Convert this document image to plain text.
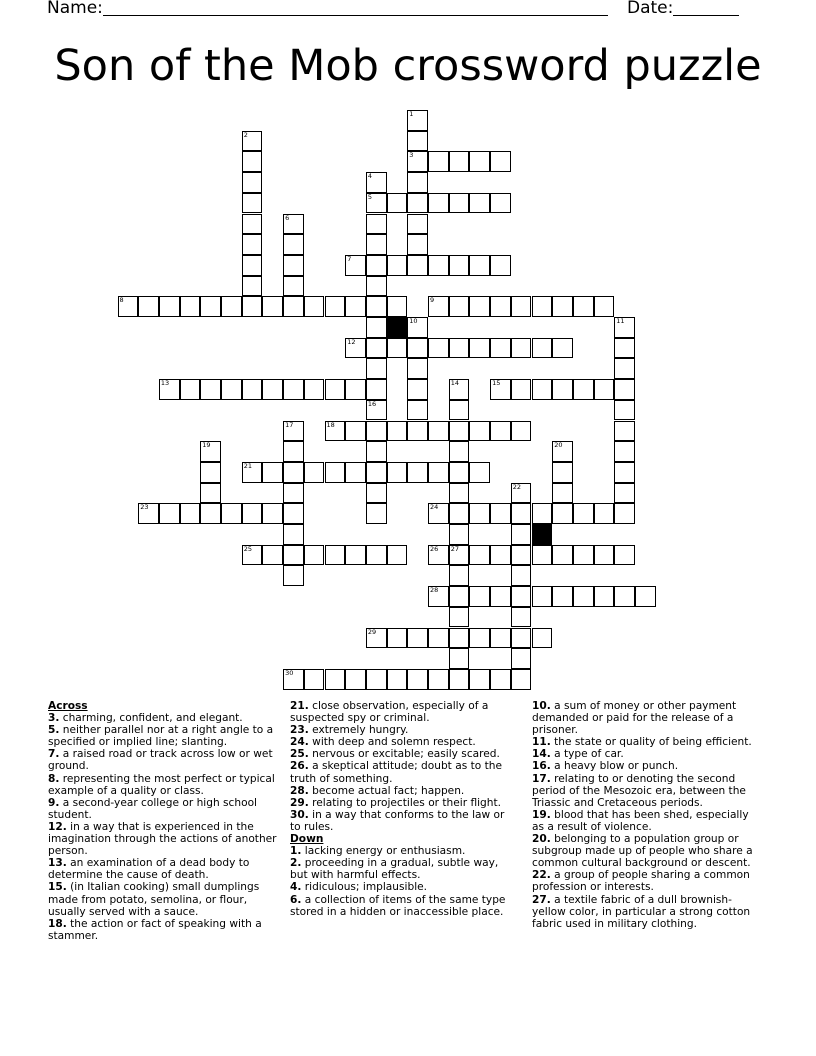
Name:	Date:
Son of the Mob crossword puzzle
1
3
2
4
5
16
6
7
8	9
10	11
12
13	14
27
15
17	18
19	20
21
22
23	24
25	26
28
29
30
Across
3. charming, confident, and elegant.
5. neither parallel nor at a right angle to a specified or implied line; slanting.
7. a raised road or track across low or wet ground.
8. representing the most perfect or typical example of a quality or class.
9. a second-year college or high school student.
12. in a way that is experienced in the imagination through the actions of another person.
13. an examination of a dead body to determine the cause of death.
15. (in Italian cooking) small dumplings made from potato, semolina, or flour, usually served with a sauce.
18. the action or fact of speaking with a stammer.
21. close observation, especially of a suspected spy or criminal.
23. extremely hungry.
24. with deep and solemn respect.
25. nervous or excitable; easily scared.
26. a skeptical attitude; doubt as to the truth of something.
28. become actual fact; happen.
29. relating to projectiles or their flight.
30. in a way that conforms to the law or to rules.
Down
1. lacking energy or enthusiasm.
2. proceeding in a gradual, subtle way, but with harmful effects.
4. ridiculous; implausible.
6. a collection of items of the same type stored in a hidden or inaccessible place.
10. a sum of money or other payment demanded or paid for the release of a prisoner.
11. the state or quality of being efficient.
14. a type of car.
16. a heavy blow or punch.
17. relating to or denoting the second period of the Mesozoic era, between the Triassic and Cretaceous periods.
19. blood that has been shed, especially as a result of violence.
20. belonging to a population group or subgroup made up of people who share a common cultural background or descent.
22. a group of people sharing a common profession or interests.
27. a textile fabric of a dull brownish-yellow color, in particular a strong cotton fabric used in military clothing.
